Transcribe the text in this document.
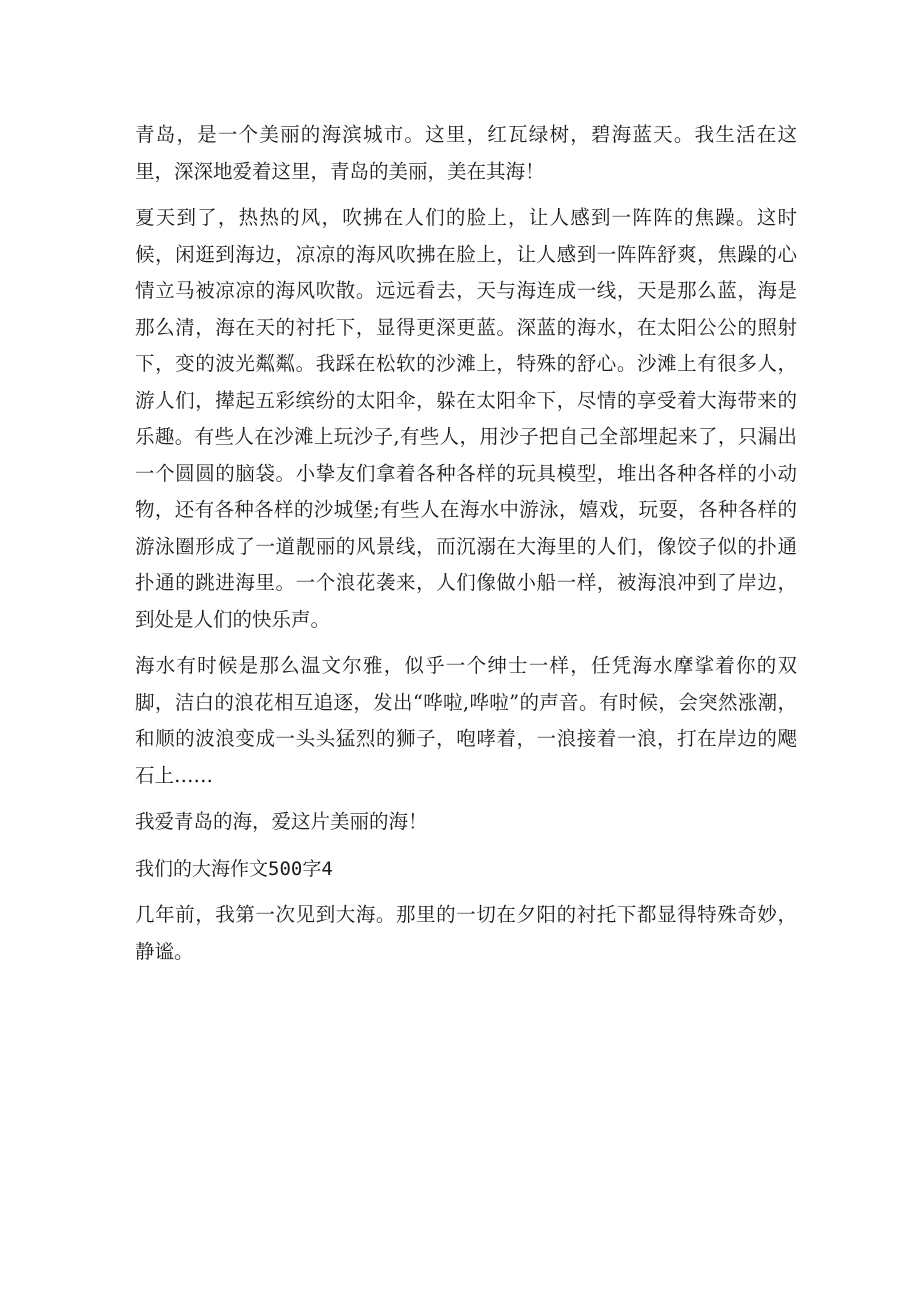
青岛，是一个美丽的海滨城市。这里，红瓦绿树，碧海蓝天。我生活在这里，深深地爱着这里，青岛的美丽，美在其海！

夏天到了，热热的风，吹拂在人们的脸上，让人感到一阵阵的焦躁。这时候，闲逛到海边，凉凉的海风吹拂在脸上，让人感到一阵阵舒爽，焦躁的心情立马被凉凉的海风吹散。远远看去，天与海连成一线，天是那么蓝，海是那么清，海在天的衬托下，显得更深更蓝。深蓝的海水，在太阳公公的照射下，变的波光粼粼。我踩在松软的沙滩上，特殊的舒心。沙滩上有很多人，游人们，撵起五彩缤纷的太阳伞，躲在太阳伞下，尽情的享受着大海带来的乐趣。有些人在沙滩上玩沙子,有些人，用沙子把自己全部埋起来了，只漏出一个圆圆的脑袋。小挚友们拿着各种各样的玩具模型，堆出各种各样的小动物，还有各种各样的沙城堡;有些人在海水中游泳，嬉戏，玩耍，各种各样的游泳圈形成了一道靓丽的风景线，而沉溺在大海里的人们，像饺子似的扑通扑通的跳进海里。一个浪花袭来，人们像做小船一样，被海浪冲到了岸边，到处是人们的快乐声。

海水有时候是那么温文尔雅，似乎一个绅士一样，任凭海水摩挲着你的双脚，洁白的浪花相互追逐，发出“哗啦,哗啦”的声音。有时候，会突然涨潮，和顺的波浪变成一头头猛烈的狮子，咆哮着，一浪接着一浪，打在岸边的飔石上……

我爱青岛的海，爱这片美丽的海！

我们的大海作文500字4

几年前，我第一次见到大海。那里的一切在夕阳的衬托下都显得特殊奇妙，静谧。
